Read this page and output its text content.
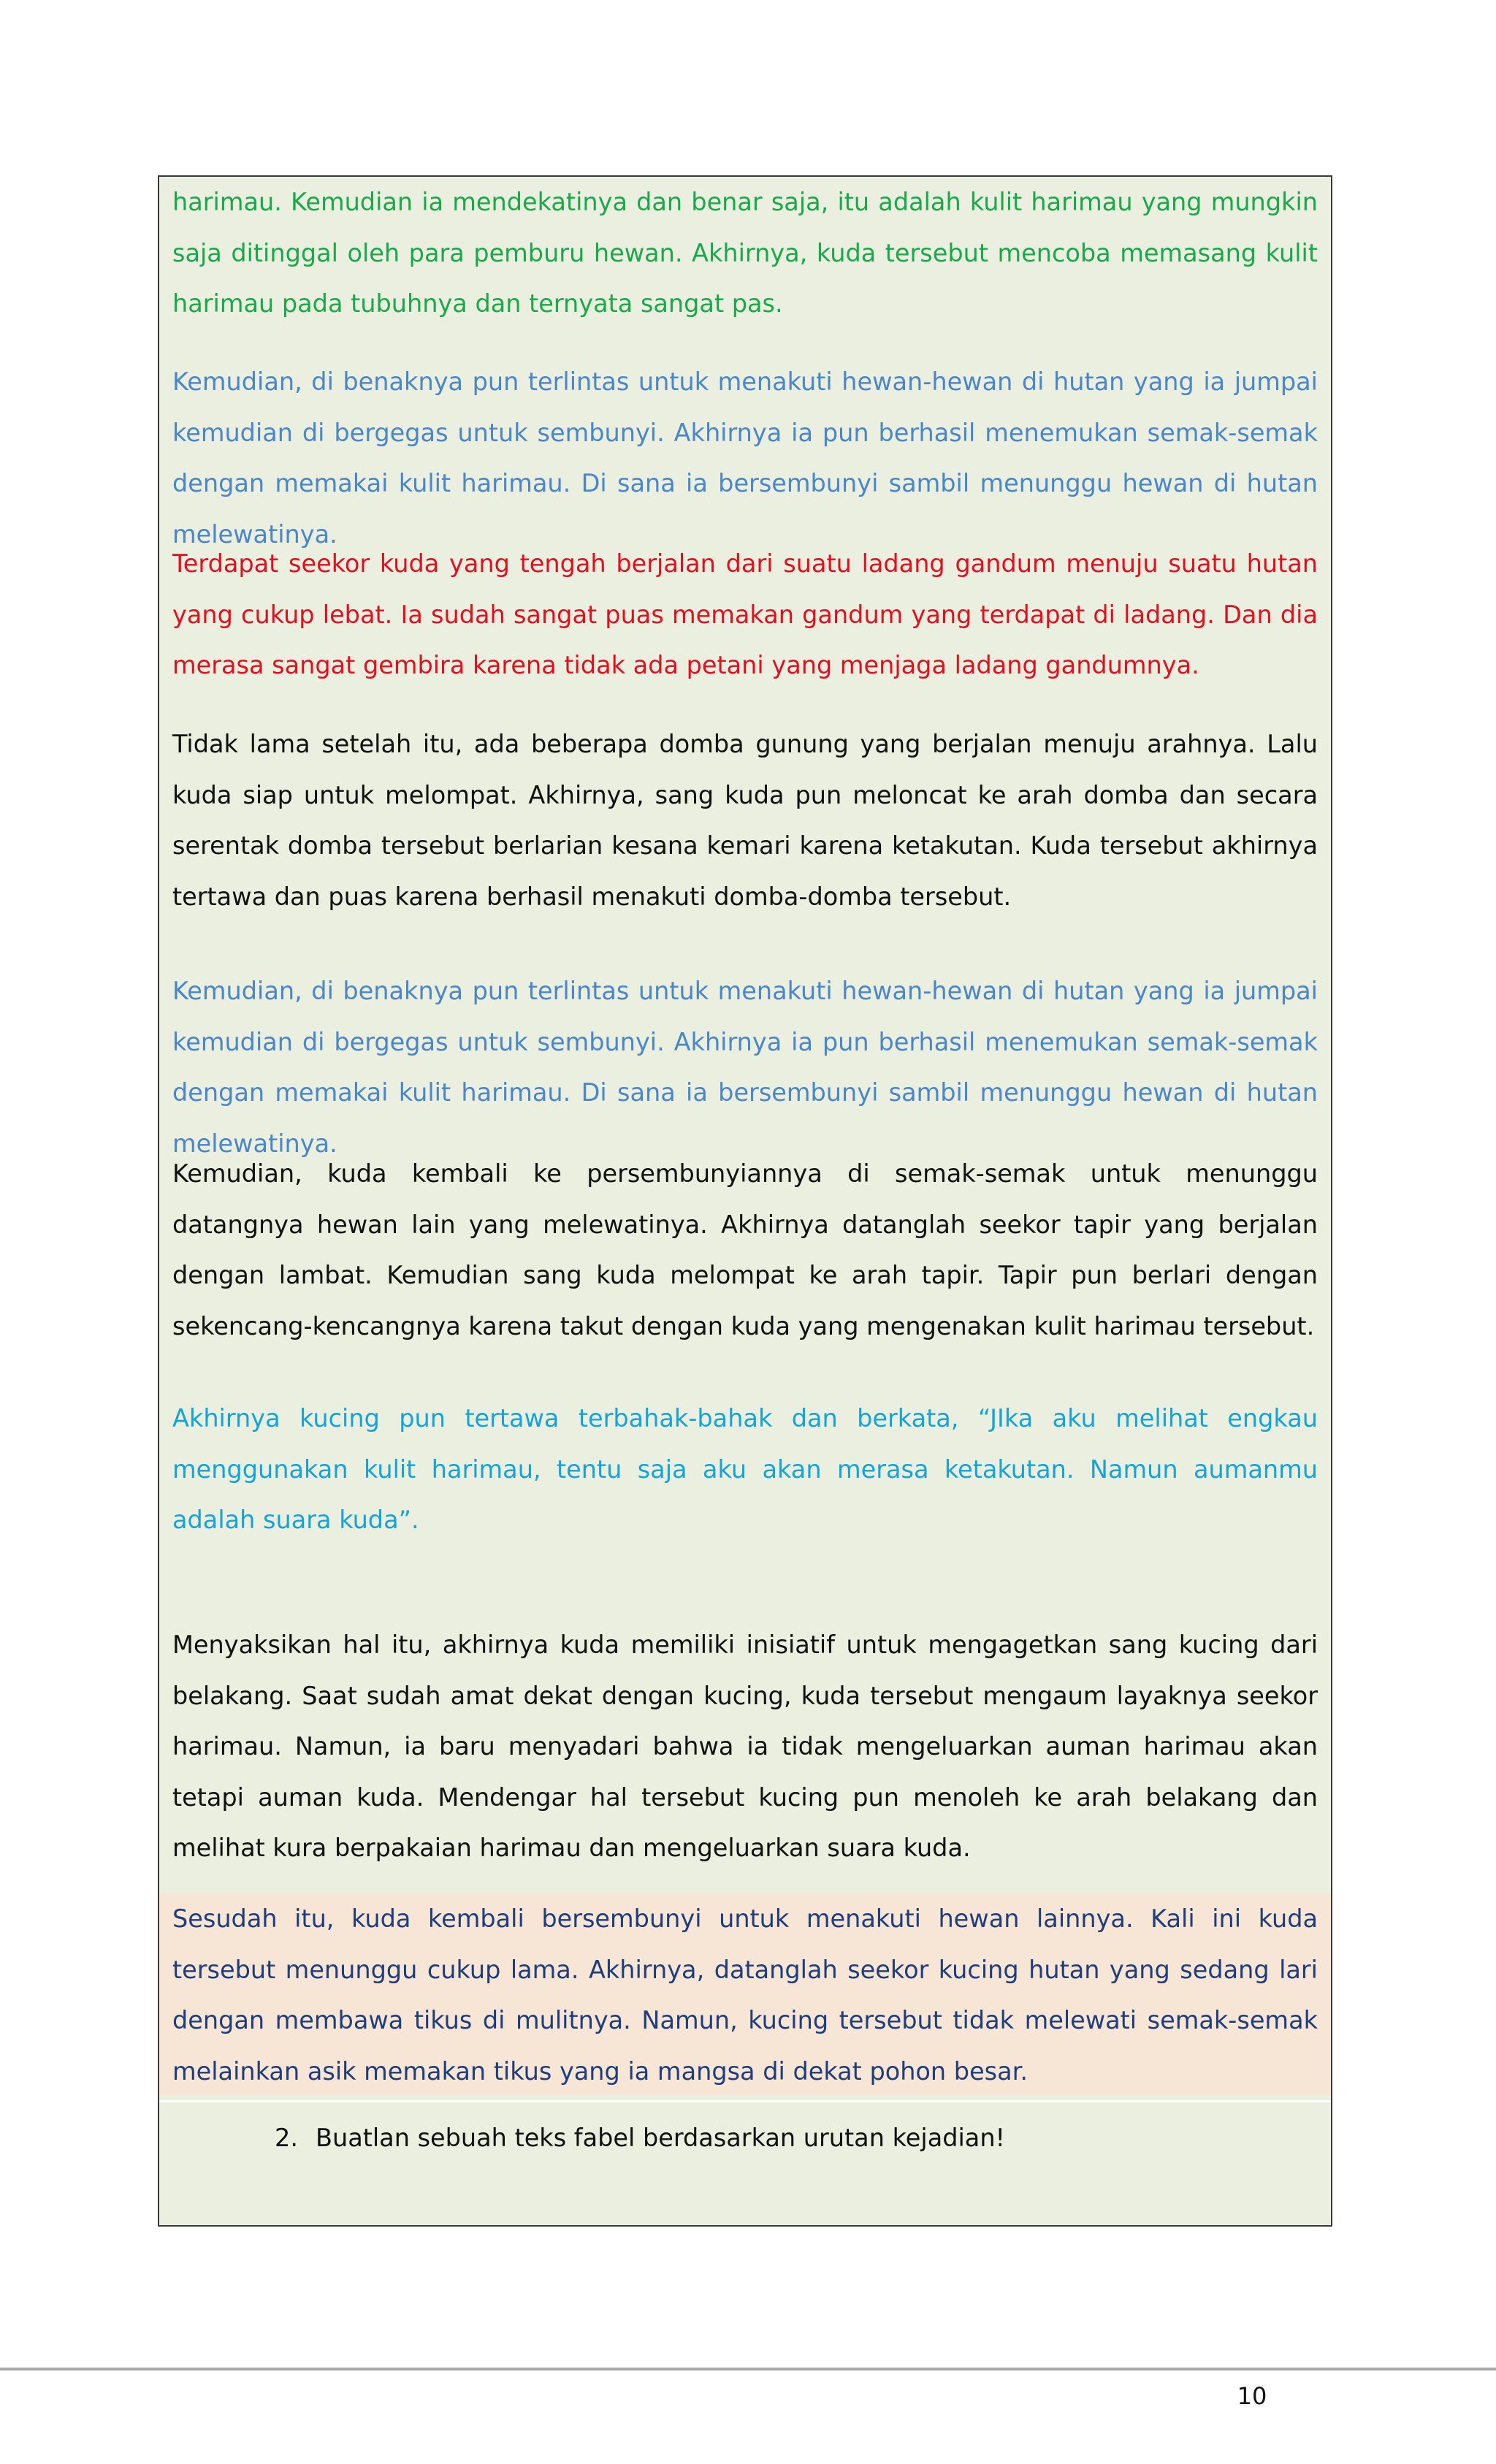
harimau. Kemudian ia mendekatinya dan benar saja, itu adalah kulit harimau yang mungkin saja ditinggal oleh para pemburu hewan. Akhirnya, kuda tersebut mencoba memasang kulit harimau pada tubuhnya dan ternyata sangat pas.

Kemudian, di benaknya pun terlintas untuk menakuti hewan-hewan di hutan yang ia jumpai kemudian di bergegas untuk sembunyi. Akhirnya ia pun berhasil menemukan semak-semak dengan memakai kulit harimau. Di sana ia bersembunyi sambil menunggu hewan di hutan melewatinya.

Terdapat seekor kuda yang tengah berjalan dari suatu ladang gandum menuju suatu hutan yang cukup lebat. Ia sudah sangat puas memakan gandum yang terdapat di ladang. Dan dia merasa sangat gembira karena tidak ada petani yang menjaga ladang gandumnya.

Tidak lama setelah itu, ada beberapa domba gunung yang berjalan menuju arahnya. Lalu kuda siap untuk melompat. Akhirnya, sang kuda pun meloncat ke arah domba dan secara serentak domba tersebut berlarian kesana kemari karena ketakutan. Kuda tersebut akhirnya tertawa dan puas karena berhasil menakuti domba-domba tersebut.

Kemudian, di benaknya pun terlintas untuk menakuti hewan-hewan di hutan yang ia jumpai kemudian di bergegas untuk sembunyi. Akhirnya ia pun berhasil menemukan semak-semak dengan memakai kulit harimau. Di sana ia bersembunyi sambil menunggu hewan di hutan melewatinya.

Kemudian, kuda kembali ke persembunyiannya di semak-semak untuk menunggu datangnya hewan lain yang melewatinya. Akhirnya datanglah seekor tapir yang berjalan dengan lambat. Kemudian sang kuda melompat ke arah tapir. Tapir pun berlari dengan sekencang-kencangnya karena takut dengan kuda yang mengenakan kulit harimau tersebut.

Akhirnya kucing pun tertawa terbahak-bahak dan berkata, “JIka aku melihat engkau menggunakan kulit harimau, tentu saja aku akan merasa ketakutan. Namun aumanmu adalah suara kuda”.

Menyaksikan hal itu, akhirnya kuda memiliki inisiatif untuk mengagetkan sang kucing dari belakang. Saat sudah amat dekat dengan kucing, kuda tersebut mengaum layaknya seekor harimau. Namun, ia baru menyadari bahwa ia tidak mengeluarkan auman harimau akan tetapi auman kuda. Mendengar hal tersebut kucing pun menoleh ke arah belakang dan melihat kura berpakaian harimau dan mengeluarkan suara kuda.

Sesudah itu, kuda kembali bersembunyi untuk menakuti hewan lainnya. Kali ini kuda tersebut menunggu cukup lama. Akhirnya, datanglah seekor kucing hutan yang sedang lari dengan membawa tikus di mulitnya. Namun, kucing tersebut tidak melewati semak-semak melainkan asik memakan tikus yang ia mangsa di dekat pohon besar.

2. Buatlan sebuah teks fabel berdasarkan urutan kejadian!
10
